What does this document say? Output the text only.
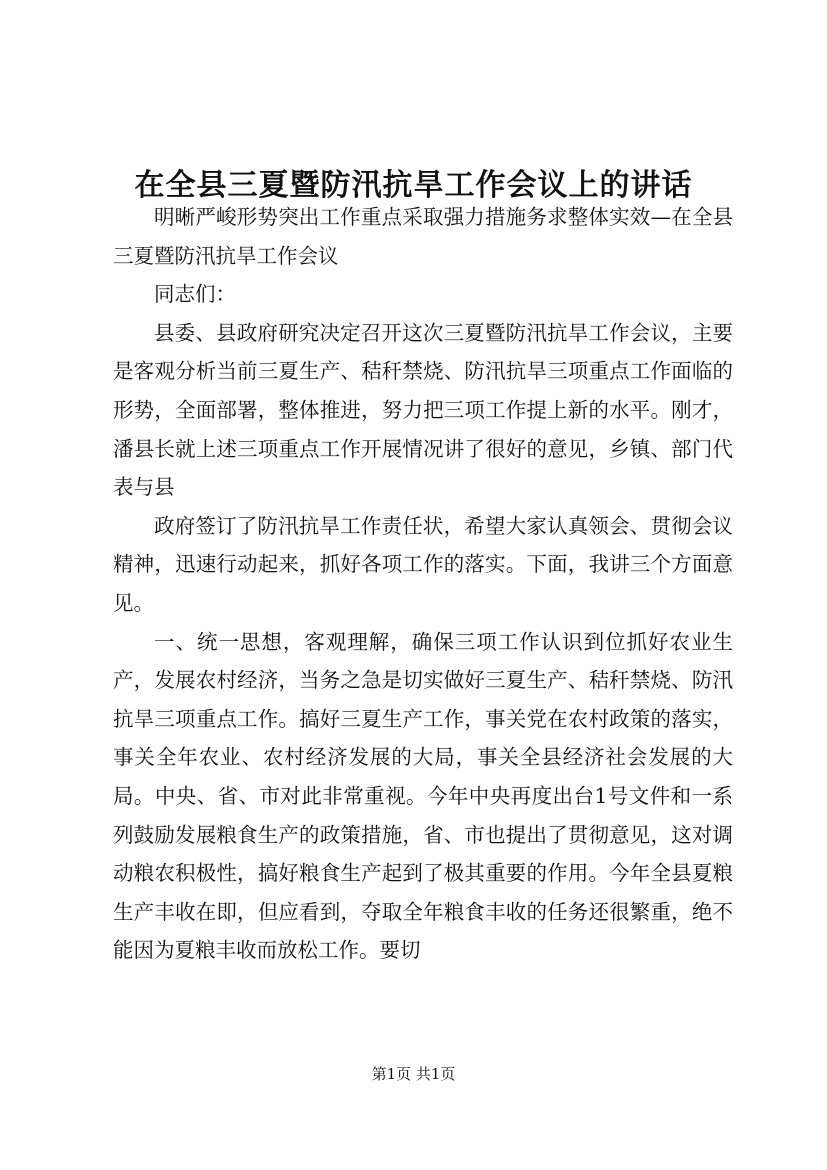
在全县三夏暨防汛抗旱工作会议上的讲话

明晰严峻形势突出工作重点采取强力措施务求整体实效—在全县三夏暨防汛抗旱工作会议

同志们：

县委、县政府研究决定召开这次三夏暨防汛抗旱工作会议，主要是客观分析当前三夏生产、秸秆禁烧、防汛抗旱三项重点工作面临的形势，全面部署，整体推进，努力把三项工作提上新的水平。刚才，潘县长就上述三项重点工作开展情况讲了很好的意见，乡镇、部门代表与县

政府签订了防汛抗旱工作责任状，希望大家认真领会、贯彻会议精神，迅速行动起来，抓好各项工作的落实。下面，我讲三个方面意见。

一、统一思想，客观理解，确保三项工作认识到位抓好农业生产，发展农村经济，当务之急是切实做好三夏生产、秸秆禁烧、防汛抗旱三项重点工作。搞好三夏生产工作，事关党在农村政策的落实，事关全年农业、农村经济发展的大局，事关全县经济社会发展的大局。中央、省、市对此非常重视。今年中央再度出台1号文件和一系列鼓励发展粮食生产的政策措施，省、市也提出了贯彻意见，这对调动粮农积极性，搞好粮食生产起到了极其重要的作用。今年全县夏粮生产丰收在即，但应看到，夺取全年粮食丰收的任务还很繁重，绝不能因为夏粮丰收而放松工作。要切

第1页 共1页
